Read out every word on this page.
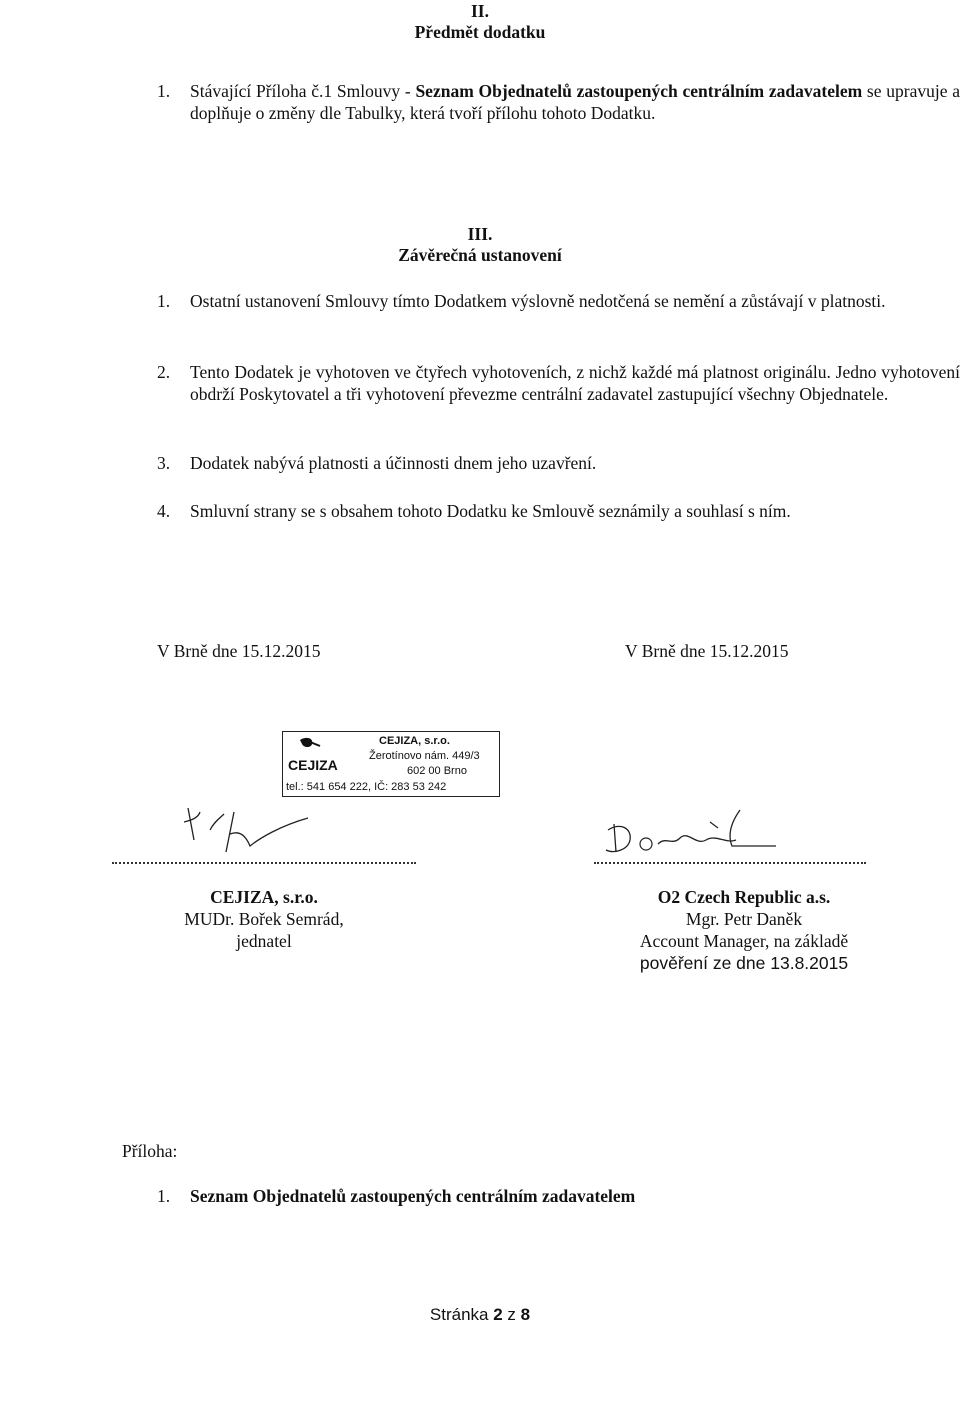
II.
Předmět dodatku
1. Stávající Příloha č.1 Smlouvy - Seznam Objednatelů zastoupených centrálním zadavatelem se upravuje a doplňuje o změny dle Tabulky, která tvoří přílohu tohoto Dodatku.
III.
Závěrečná ustanovení
1. Ostatní ustanovení Smlouvy tímto Dodatkem výslovně nedotčená se nemění a zůstávají v platnosti.
2. Tento Dodatek je vyhotoven ve čtyřech vyhotoveních, z nichž každé má platnost originálu. Jedno vyhotovení obdrží Poskytovatel a tři vyhotovení převezme centrální zadavatel zastupující všechny Objednatele.
3. Dodatek nabývá platnosti a účinnosti dnem jeho uzavření.
4. Smluvní strany se s obsahem tohoto Dodatku ke Smlouvě seznámily a souhlasí s ním.
V Brně dne 15.12.2015	V Brně dne 15.12.2015
CEJIZA
CEJIZA, s.r.o.
Žerotínovo nám. 449/3
602 00 Brno
tel.: 541 654 222, IČ: 283 53 242
CEJIZA, s.r.o.
MUDr. Bořek Semrád,
jednatel
O2 Czech Republic a.s.
Mgr. Petr Daněk
Account Manager, na základě
pověření ze dne 13.8.2015
Příloha:
1. Seznam Objednatelů zastoupených centrálním zadavatelem
Stránka 2 z 8
